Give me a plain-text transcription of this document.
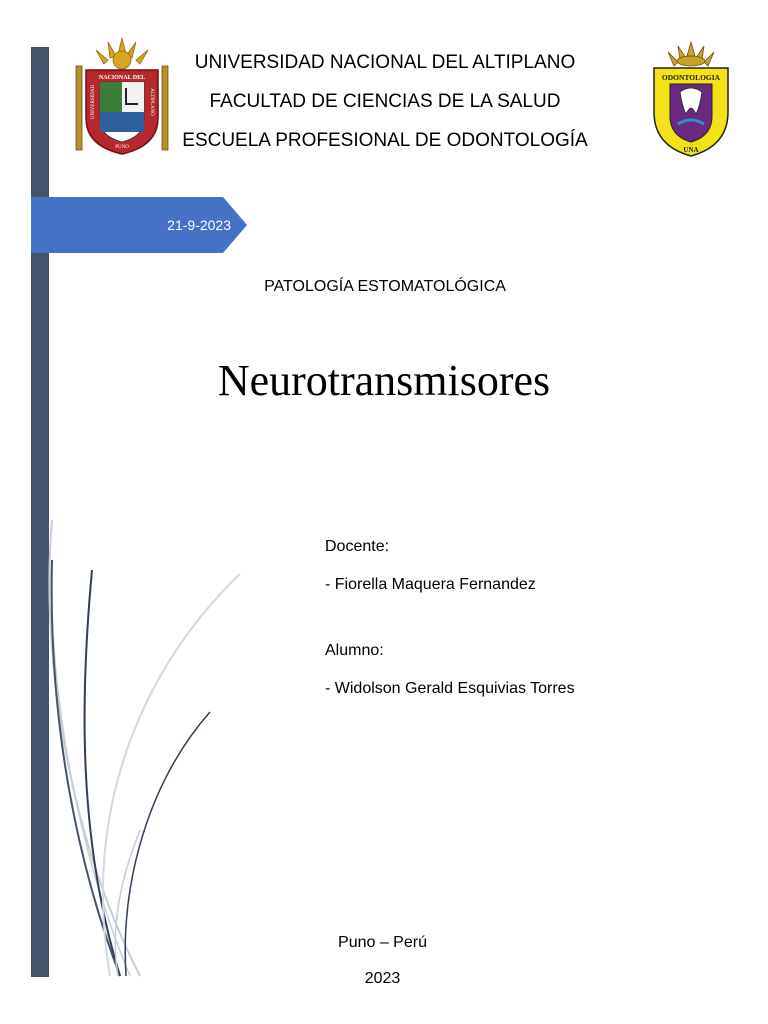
NACIONAL DEL
UNIVERSIDAD	ALTIPLANO
PUNO
UNIVERSIDAD NACIONAL DEL ALTIPLANO
FACULTAD DE CIENCIAS DE LA SALUD
ESCUELA PROFESIONAL DE ODONTOLOGÍA
ODONTOLOGIA
UNA
21-9-2023
PATOLOGÍA ESTOMATOLÓGICA
Neurotransmisores
Docente:
- Fiorella Maquera Fernandez
Alumno:
- Widolson Gerald Esquivias Torres
Puno – Perú
2023
